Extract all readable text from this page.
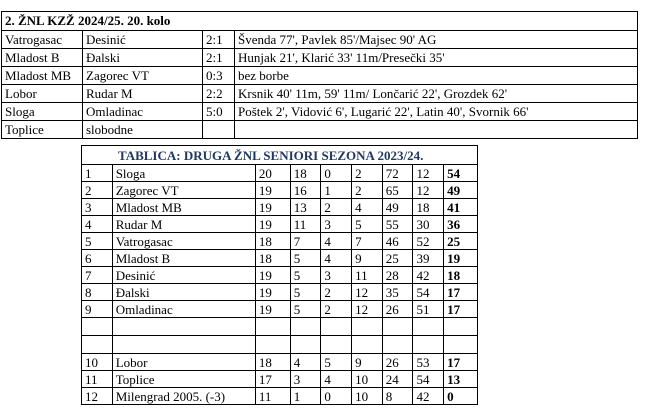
2. ŽNL KZŽ 2024/25. 20. kolo			
Vatrogasac	Desinić	2:1	Švenda 77', Pavlek 85'/Majsec 90' AG
Mladost B	Đalski	2:1	Hunjak 21', Klarić 33' 11m/Presečki 35'
Mladost MB	Zagorec VT	0:3	bez borbe
Lobor	Rudar M	2:2	Krsnik 40' 11m, 59' 11m/ Lončarić 22', Grozdek 62'
Sloga	Omladinac	5:0	Poštek 2', Vidović 6', Lugarić 22', Latin 40', Svornik 66'
Toplice	slobodne		
TABLICA: DRUGA ŽNL SENIORI SEZONA 2023/24.								
1	Sloga	20	18	0	2	72	12	54
2	Zagorec VT	19	16	1	2	65	12	49
3	Mladost MB	19	13	2	4	49	18	41
4	Rudar M	19	11	3	5	55	30	36
5	Vatrogasac	18	7	4	7	46	52	25
6	Mladost B	18	5	4	9	25	39	19
7	Desinić	19	5	3	11	28	42	18
8	Đalski	19	5	2	12	35	54	17
9	Omladinac	19	5	2	12	26	51	17

10	Lobor	18	4	5	9	26	53	17
11	Toplice	17	3	4	10	24	54	13
12	Milengrad 2005. (-3)	11	1	0	10	8	42	0
